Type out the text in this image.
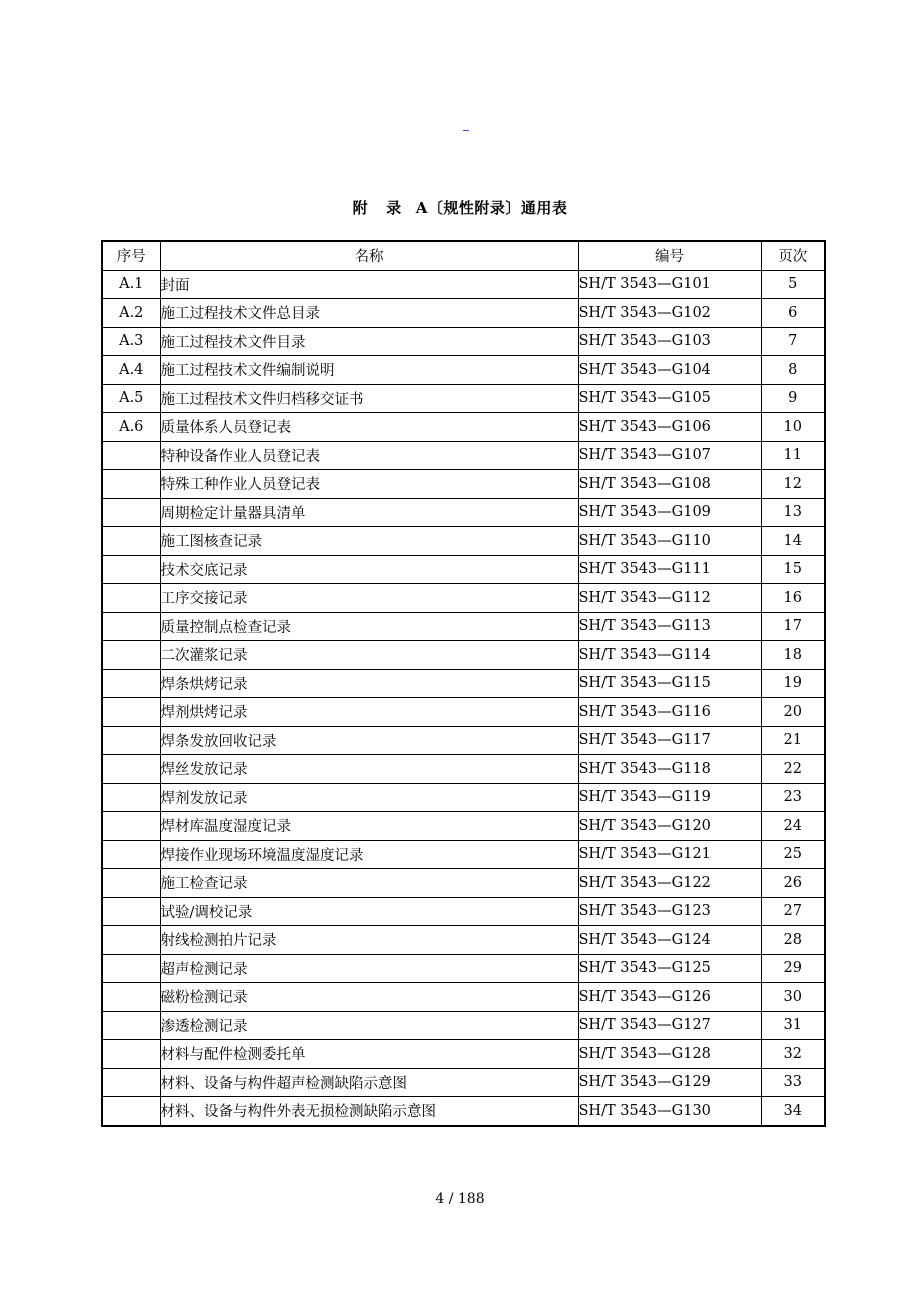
附 录 A〔规性附录〕通用表
序号	名称	编号	页次
A.1	封面	SH/T 3543—G101	5
A.2	施工过程技术文件总目录	SH/T 3543—G102	6
A.3	施工过程技术文件目录	SH/T 3543—G103	7
A.4	施工过程技术文件编制说明	SH/T 3543—G104	8
A.5	施工过程技术文件归档移交证书	SH/T 3543—G105	9
A.6	质量体系人员登记表	SH/T 3543—G106	10
	特种设备作业人员登记表	SH/T 3543—G107	11
	特殊工种作业人员登记表	SH/T 3543—G108	12
	周期检定计量器具清单	SH/T 3543—G109	13
	施工图核查记录	SH/T 3543—G110	14
	技术交底记录	SH/T 3543—G111	15
	工序交接记录	SH/T 3543—G112	16
	质量控制点检查记录	SH/T 3543—G113	17
	二次灌浆记录	SH/T 3543—G114	18
	焊条烘烤记录	SH/T 3543—G115	19
	焊剂烘烤记录	SH/T 3543—G116	20
	焊条发放回收记录	SH/T 3543—G117	21
	焊丝发放记录	SH/T 3543—G118	22
	焊剂发放记录	SH/T 3543—G119	23
	焊材库温度湿度记录	SH/T 3543—G120	24
	焊接作业现场环境温度湿度记录	SH/T 3543—G121	25
	施工检查记录	SH/T 3543—G122	26
	试验/调校记录	SH/T 3543—G123	27
	射线检测拍片记录	SH/T 3543—G124	28
	超声检测记录	SH/T 3543—G125	29
	磁粉检测记录	SH/T 3543—G126	30
	渗透检测记录	SH/T 3543—G127	31
	材料与配件检测委托单	SH/T 3543—G128	32
	材料、设备与构件超声检测缺陷示意图	SH/T 3543—G129	33
	材料、设备与构件外表无损检测缺陷示意图	SH/T 3543—G130	34
4 / 188
